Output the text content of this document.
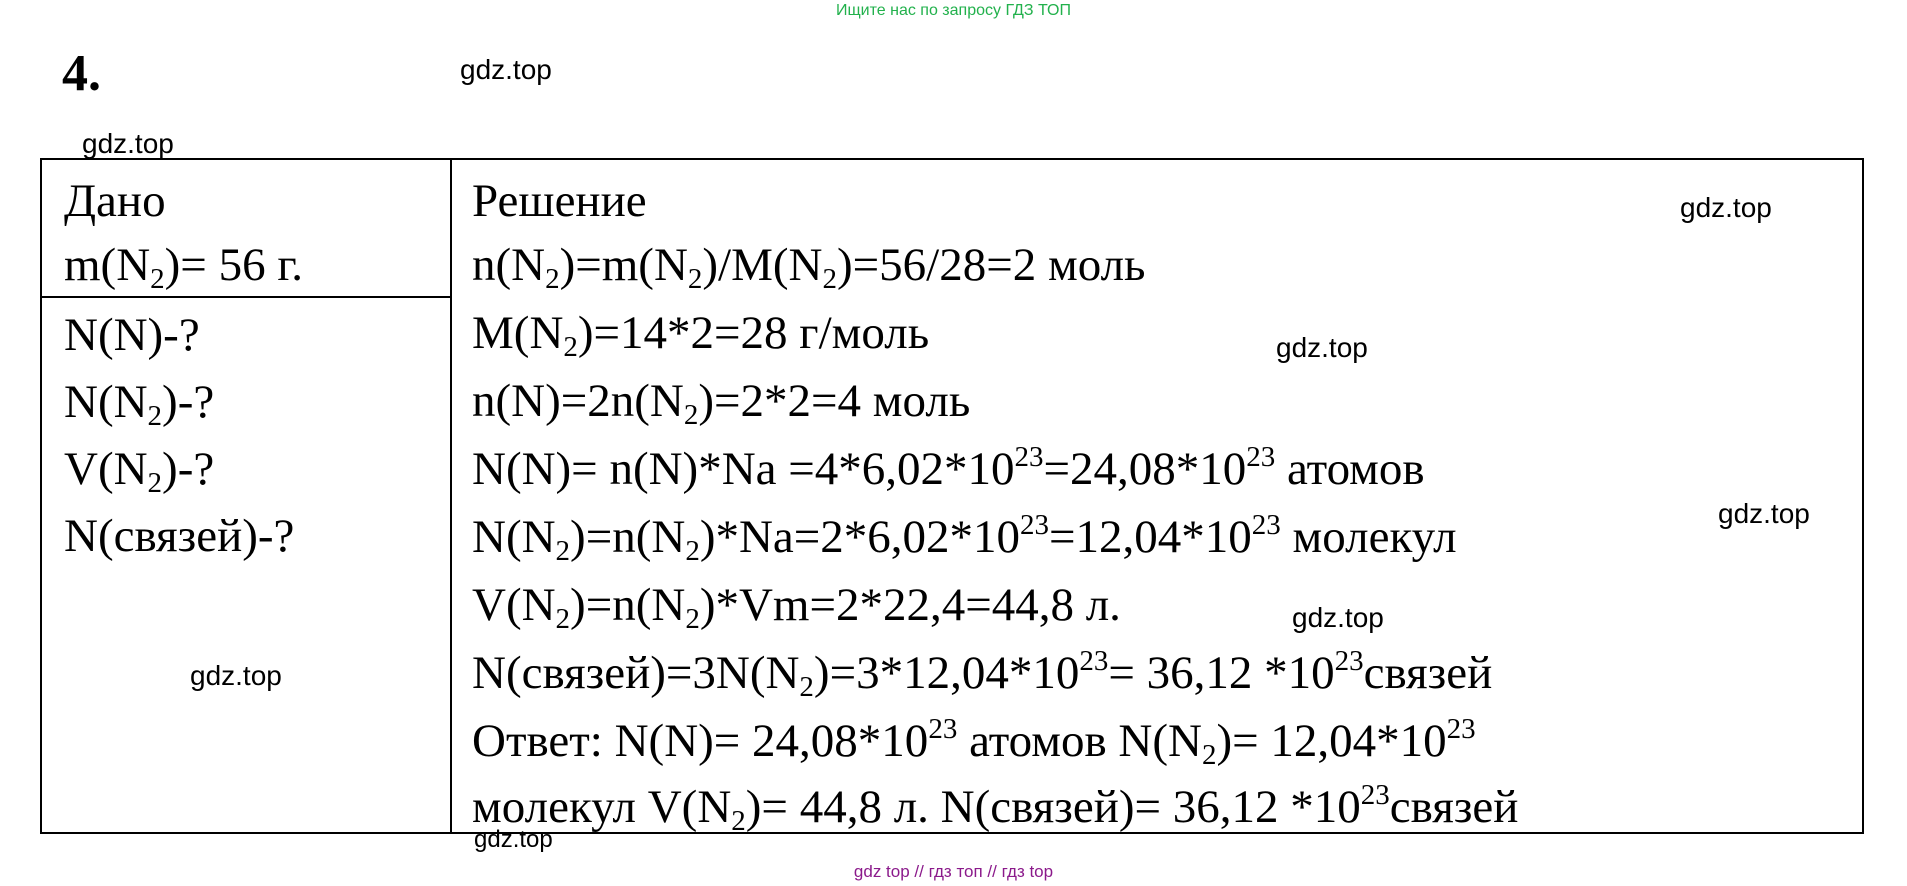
Ищите нас по запросу ГДЗ ТОП
4.	gdz.top
gdz.top
gdz.top
gdz.top
gdz.top
gdz.top
gdz.top
gdz.top
Дано
$m(N_2)= 56$ г.
N(N)-?
$N(N_2)-$?
$V(N_2)-$?
N(связей)-?
Решение
$n(N_2)=m(N_2)/M(N_2)=56/28=2$ моль
$M(N_2)=14*2=28$ г/моль
$n(N)=2n(N_2)=2*2=4$ моль
$N(N)= n(N)*Na =4*6,02*10^{23}=24,08*10^{23}$ атомов
$N(N_2)=n(N_2)*Na=2*6,02*10^{23}=12,04*10^{23}$ молекул
$V(N_2)=n(N_2)*Vm=2*22,4=44,8$ л.
$N(связей)=3N(N_2)=3*12,04*10^{23}= 36,12$ $*10^{23}связей$
Ответ: $N(N)= 24,08*10^{23}$ атомов $N(N_2)= 12,04*10^{23}$
молекул $V(N_2)= 44,8$ л. N(связей)= 36,12 $*10^{23}связей$
gdz top // гдз топ // гдз top
